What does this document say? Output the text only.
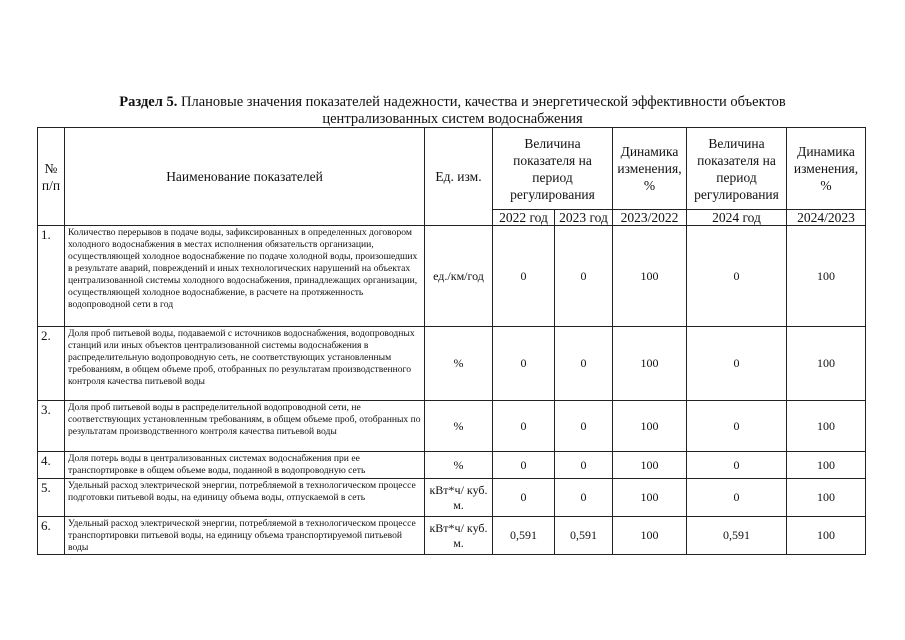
Раздел 5. Плановые значения показателей надежности, качества и энергетической эффективности объектов централизованных систем водоснабжения
№ п/п	Наименование показателей	Ед. изм.	Величина показателя на период регулирования		Динамика изменения, %	Величина показателя на период регулирования	Динамика изменения, %
			2022 год	2023 год	2023/2022	2024 год	2024/2023
1.	Количество перерывов в подаче воды, зафиксированных в определенных договором холодного водоснабжения в местах исполнения обязательств организации, осуществляющей холодное водоснабжение по подаче холодной воды, произошедших в результате аварий, повреждений и иных технологических нарушений на объектах централизованной системы холодного водоснабжения, принадлежащих организации, осуществляющей холодное водоснабжение, в расчете на протяженность водопроводной сети в год	ед./км/год	0	0	100	0	100
2.	Доля проб питьевой воды, подаваемой с источников водоснабжения, водопроводных станций или иных объектов централизованной системы водоснабжения в распределительную водопроводную сеть, не соответствующих установленным требованиям, в общем объеме проб, отобранных по результатам производственного контроля качества питьевой воды	%	0	0	100	0	100
3.	Доля проб питьевой воды в распределительной водопроводной сети, не соответствующих установленным требованиям, в общем объеме проб, отобранных по результатам производственного контроля качества питьевой воды	%	0	0	100	0	100
4.	Доля потерь воды в централизованных системах водоснабжения при ее транспортировке в общем объеме воды, поданной в водопроводную сеть	%	0	0	100	0	100
5.	Удельный расход электрической энергии, потребляемой в технологическом процессе подготовки питьевой воды, на единицу объема воды, отпускаемой в сеть	кВт*ч/ куб. м.	0	0	100	0	100
6.	Удельный расход электрической энергии, потребляемой в технологическом процессе транспортировки питьевой воды, на единицу объема транспортируемой питьевой воды	кВт*ч/ куб. м.	0,591	0,591	100	0,591	100
